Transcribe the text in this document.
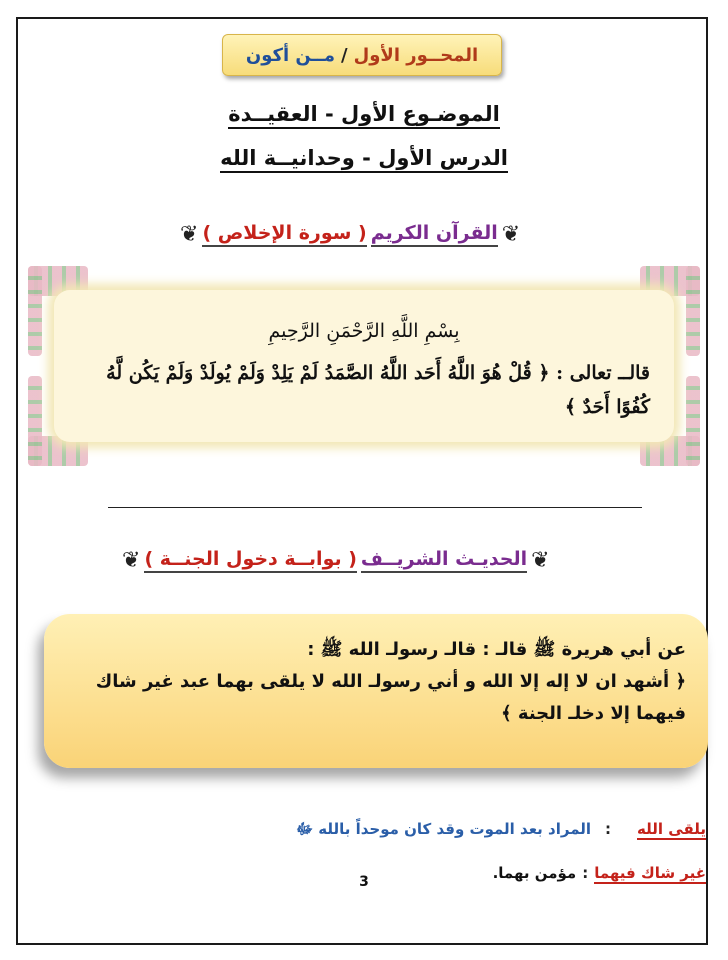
المحــور الأول
/
مــن أكون
الموضـوع الأول - العقيــدة
الدرس الأول - وحدانيــة الله
❦
القرآن الكريم
( سورة الإخلاص )
❦
بِسْمِ اللَّهِ الرَّحْمَنِ الرَّحِيمِ
قالــ تعالى : ﴿ قُلْ هُوَ اللَّهُ أَحَد اللَّهُ الصَّمَدُ لَمْ يَلِدْ وَلَمْ يُولَدْ وَلَمْ يَكُن لَّهُ كُفُوًا أَحَدٌ ﴾
❦
الحديـث الشريــف
( بوابــة دخول الجنــة )
❦
عن أبي هريرة ﷺ قالـ : قالـ رسولـ الله ﷺ :
﴿ أشهد ان لا إله إلا الله و أني رسولـ الله لا يلقى بهما عبد غير شاك فيهما إلا دخلـ الجنة ﴾
يلقى الله
:
المراد بعد الموت وقد كان موحداً بالله ﷻ
غير شاك فيهما
:
مؤمن بهما.
3
